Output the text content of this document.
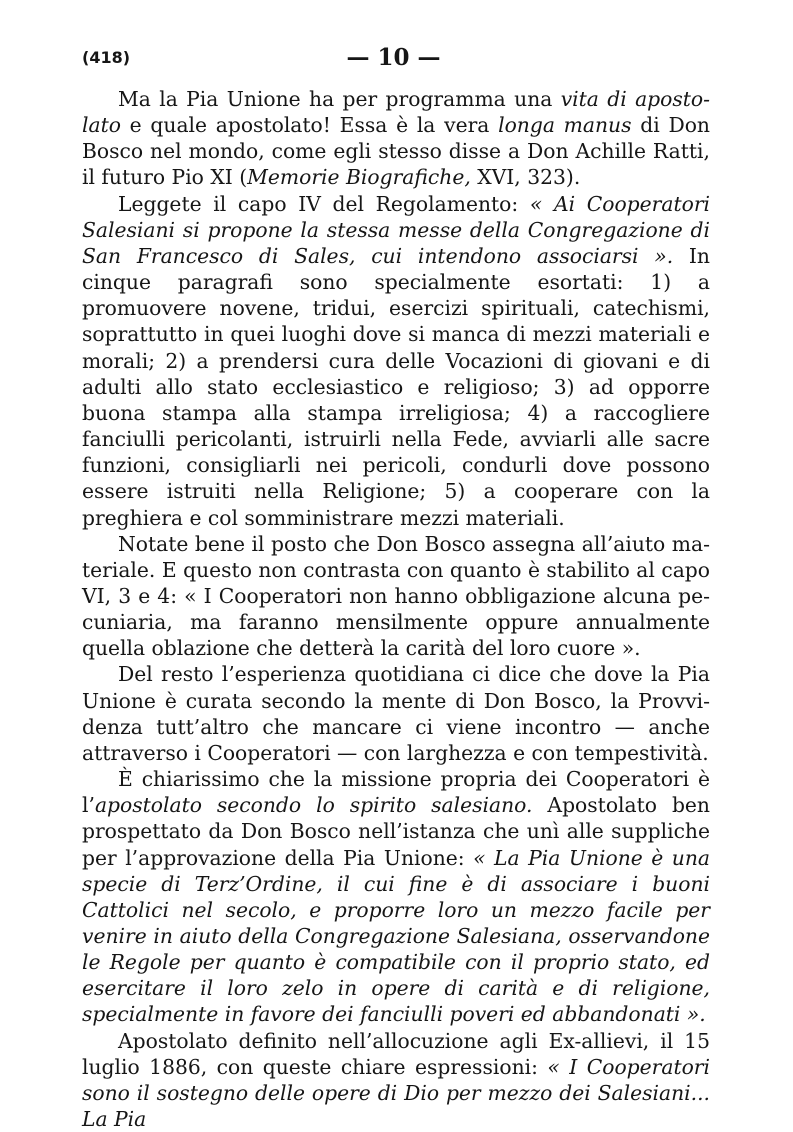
(418)	— 10 —

Ma la Pia Unione ha per programma una vita di apostolato e quale apostolato! Essa è la vera longa manus di Don Bosco nel mondo, come egli stesso disse a Don Achille Ratti, il futuro Pio XI (Memorie Biografiche, XVI, 323).

Leggete il capo IV del Regolamento: « Ai Cooperatori Salesiani si propone la stessa messe della Congregazione di San Francesco di Sales, cui intendono associarsi ». In cinque paragrafi sono specialmente esortati: 1) a promuovere novene, tridui, esercizi spirituali, catechismi, soprattutto in quei luoghi dove si manca di mezzi materiali e morali; 2) a prendersi cura delle Vocazioni di giovani e di adulti allo stato ecclesiastico e religioso; 3) ad opporre buona stampa alla stampa irreligiosa; 4) a raccogliere fanciulli pericolanti, istruirli nella Fede, avviarli alle sacre funzioni, consigliarli nei pericoli, condurli dove possono essere istruiti nella Religione; 5) a cooperare con la preghiera e col somministrare mezzi materiali.

Notate bene il posto che Don Bosco assegna all’aiuto materiale. E questo non contrasta con quanto è stabilito al capo VI, 3 e 4: « I Cooperatori non hanno obbligazione alcuna pecuniaria, ma faranno mensilmente oppure annualmente quella oblazione che detterà la carità del loro cuore ».

Del resto l’esperienza quotidiana ci dice che dove la Pia Unione è curata secondo la mente di Don Bosco, la Provvidenza tutt’altro che mancare ci viene incontro — anche attraverso i Cooperatori — con larghezza e con tempestività.

È chiarissimo che la missione propria dei Cooperatori è l’apostolato secondo lo spirito salesiano. Apostolato ben prospettato da Don Bosco nell’istanza che unì alle suppliche per l’approvazione della Pia Unione: « La Pia Unione è una specie di Terz’Ordine, il cui fine è di associare i buoni Cattolici nel secolo, e proporre loro un mezzo facile per venire in aiuto della Congregazione Salesiana, osservandone le Regole per quanto è compatibile con il proprio stato, ed esercitare il loro zelo in opere di carità e di religione, specialmente in favore dei fanciulli poveri ed abbandonati ».

Apostolato definito nell’allocuzione agli Ex-allievi, il 15 luglio 1886, con queste chiare espressioni: « I Cooperatori sono il sostegno delle opere di Dio per mezzo dei Salesiani... La Pia
